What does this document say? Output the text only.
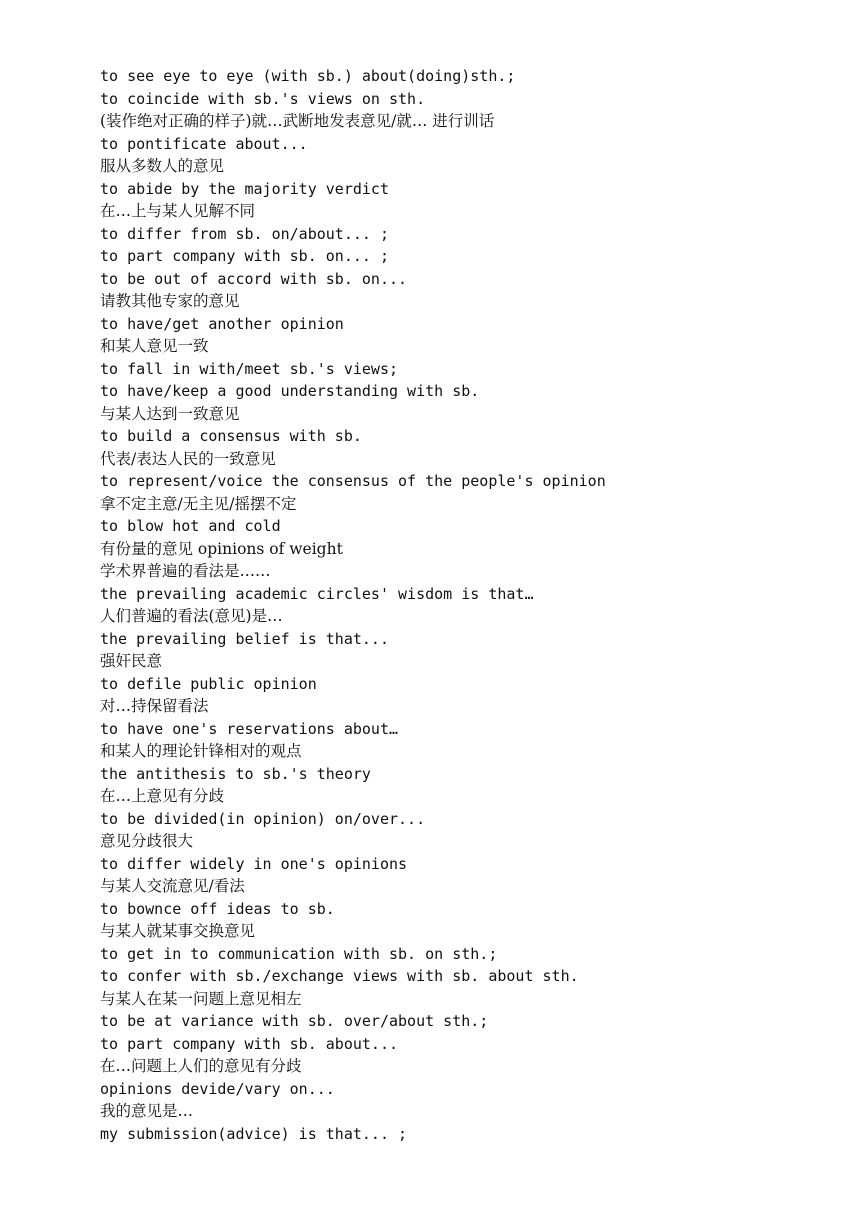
to see eye to eye (with sb.) about(doing)sth.;
to coincide with sb.'s views on sth.
(装作绝对正确的样子)就…武断地发表意见/就… 进行训话
to pontificate about...
服从多数人的意见
to abide by the majority verdict
在…上与某人见解不同
to differ from sb. on/about... ;
to part company with sb. on... ;
to be out of accord with sb. on...
请教其他专家的意见
to have/get another opinion
和某人意见一致
to fall in with/meet sb.'s views;
to have/keep a good understanding with sb.
与某人达到一致意见
to build a consensus with sb.
代表/表达人民的一致意见
to represent/voice the consensus of the people's opinion
拿不定主意/无主见/摇摆不定
to blow hot and cold
有份量的意见 opinions of weight
学术界普遍的看法是……
the prevailing academic circles' wisdom is that…
人们普遍的看法(意见)是…
the prevailing belief is that...
强奸民意
to defile public opinion
对…持保留看法
to have one's reservations about…
和某人的理论针锋相对的观点
the antithesis to sb.'s theory
在…上意见有分歧
to be divided(in opinion) on/over...
意见分歧很大
to differ widely in one's opinions
与某人交流意见/看法
to bownce off ideas to sb.
与某人就某事交换意见
to get in to communication with sb. on sth.;
to confer with sb./exchange views with sb. about sth.
与某人在某一问题上意见相左
to be at variance with sb. over/about sth.;
to part company with sb. about...
在…问题上人们的意见有分歧
opinions devide/vary on...
我的意见是…
my submission(advice) is that... ;
